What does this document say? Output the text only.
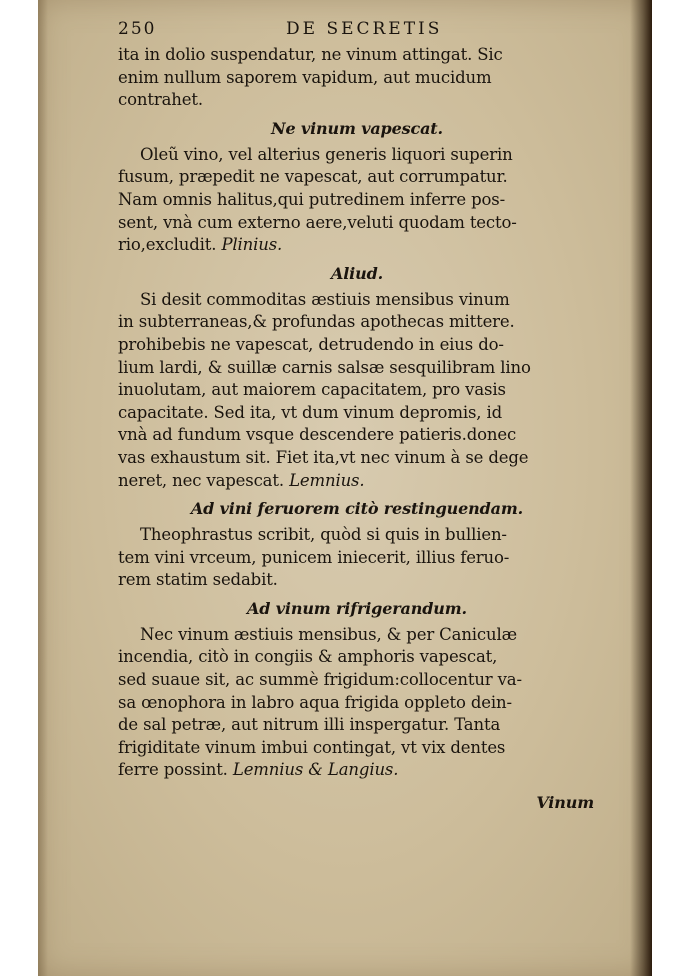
250	DE SECRETIS
ita in dolio suspendatur, ne vinum attingat. Sic
enim nullum saporem vapidum, aut mucidum
contrahet.
Ne vinum vapescat.
Oleũ vino, vel alterius generis liquori superin
fusum, præpedit ne vapescat, aut corrumpatur.
Nam omnis halitus,qui putredinem inferre pos-
sent, vnà cum externo aere,veluti quodam tecto-
rio,excludit. Plinius.
Aliud.
Si desit commoditas æstiuis mensibus vinum
in subterraneas,& profundas apothecas mittere.
prohibebis ne vapescat, detrudendo in eius do-
lium lardi, & suillæ carnis salsæ sesquilibram lino
inuolutam, aut maiorem capacitatem, pro vasis
capacitate. Sed ita, vt dum vinum depromis, id
vnà ad fundum vsque descendere patieris.donec
vas exhaustum sit. Fiet ita,vt nec vinum à se dege
neret, nec vapescat. Lemnius.
Ad vini feruorem citò restinguendam.
Theophrastus scribit, quòd si quis in bullien-
tem vini vrceum, punicem iniecerit, illius feruo-
rem statim sedabit.
Ad vinum rifrigerandum.
Nec vinum æstiuis mensibus, & per Caniculæ
incendia, citò in congiis & amphoris vapescat,
sed suaue sit, ac summè frigidum:collocentur va-
sa œnophora in labro aqua frigida oppleto dein-
de sal petræ, aut nitrum illi inspergatur. Tanta
frigiditate vinum imbui contingat, vt vix dentes
ferre possint. Lemnius & Langius.
Vinum
